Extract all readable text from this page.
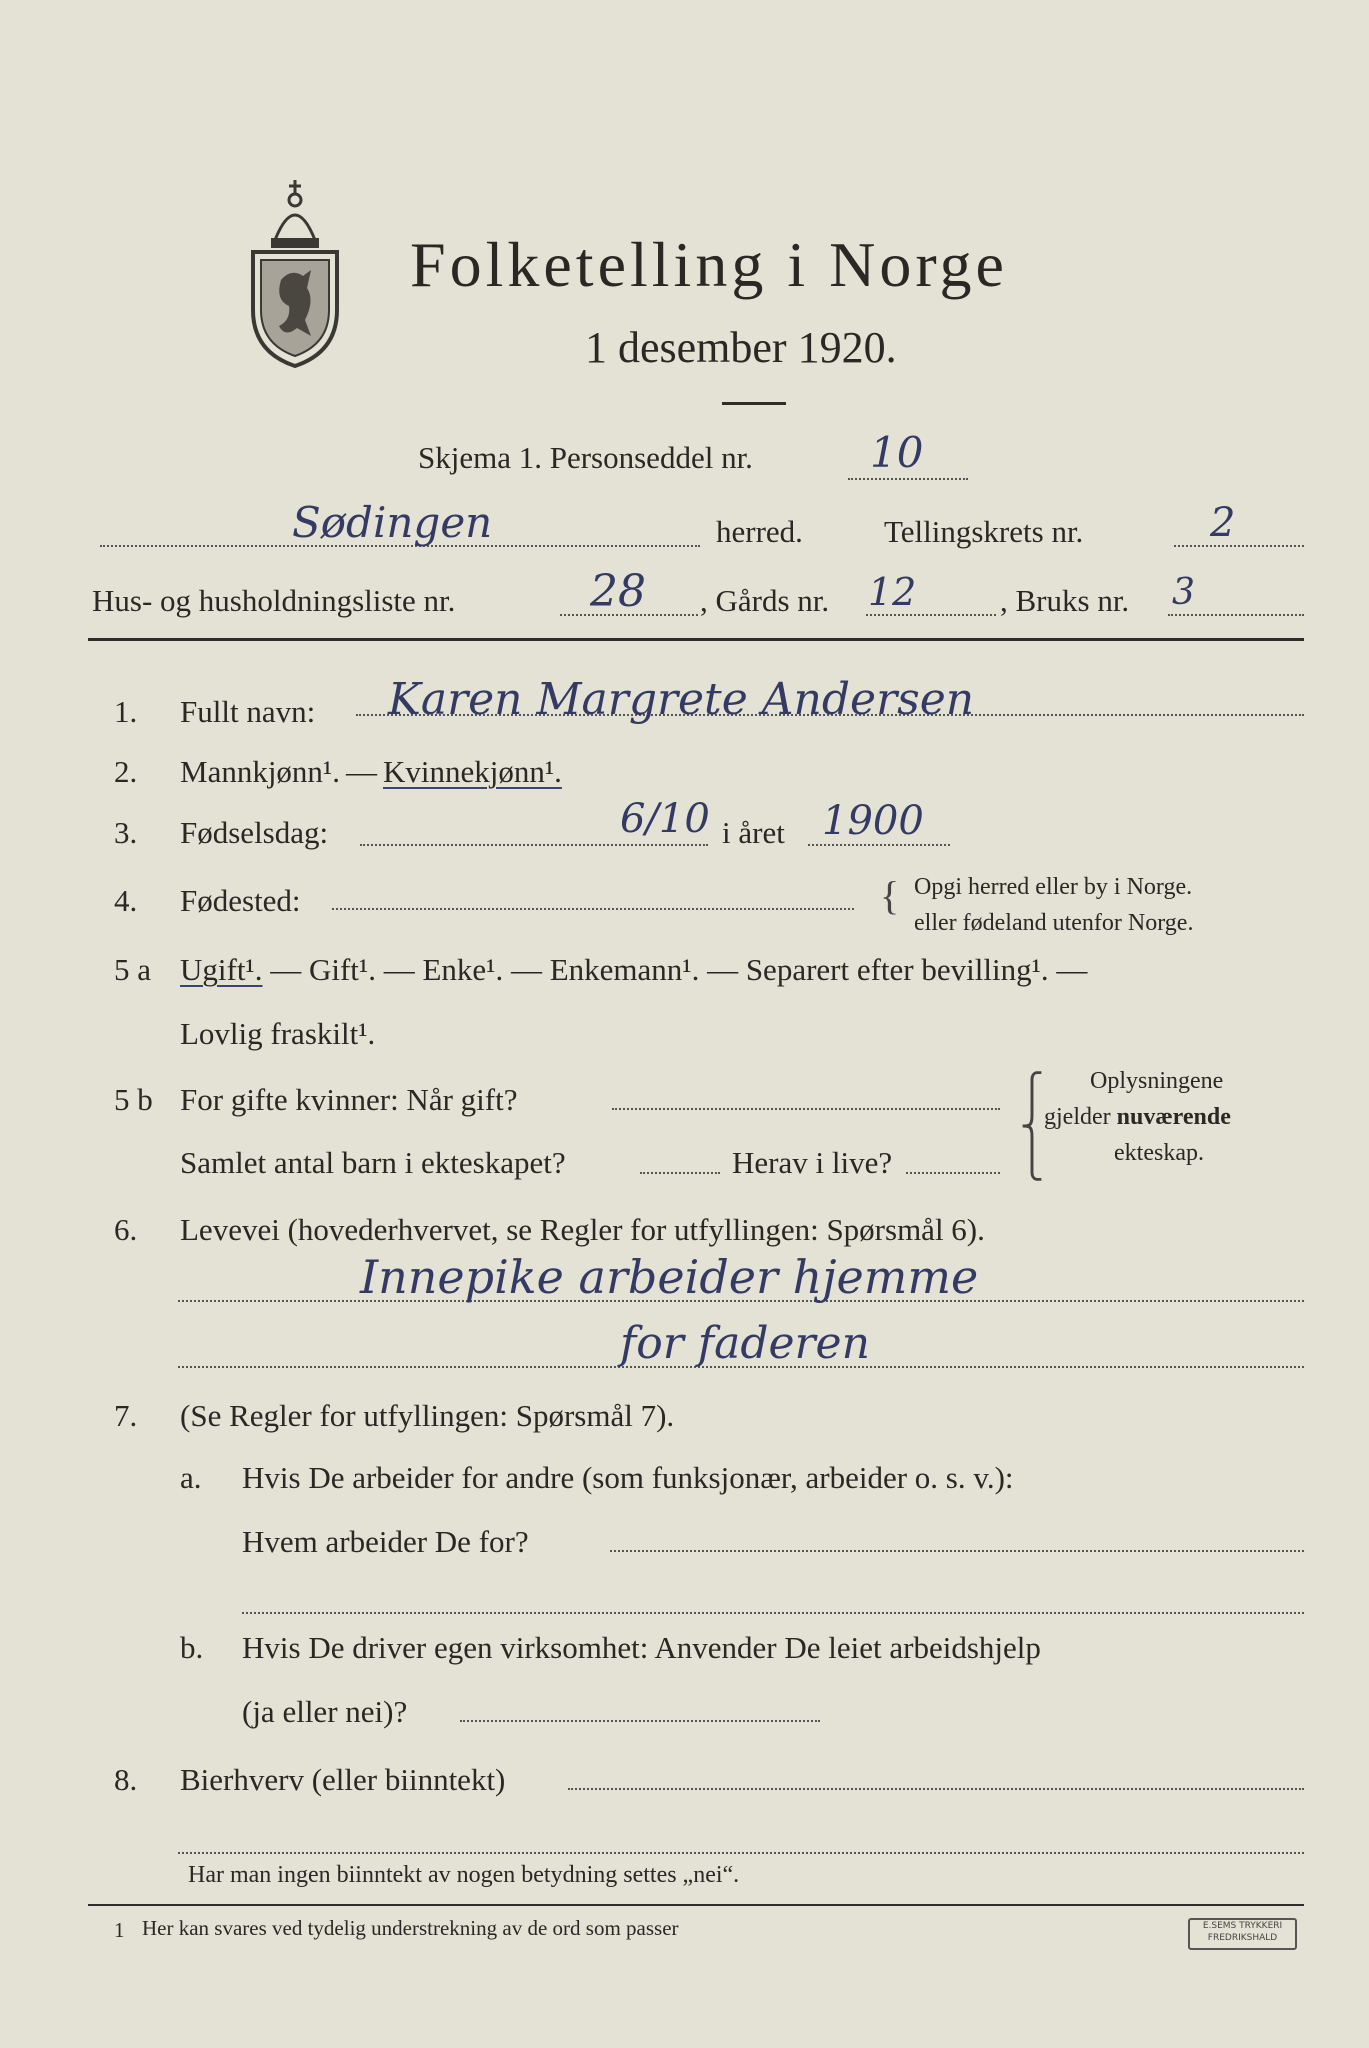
Folketelling i Norge
1 desember 1920.
Skjema 1. Personseddel nr.	10
Sødingen	herred.	Tellingskrets nr.	2
Hus- og husholdningsliste nr.	28 , Gårds nr. 12	, Bruks nr. 3
1. Fullt navn: Karen Margrete Andersen
2. Mannkjønn¹. — Kvinnekjønn¹.
3. Fødselsdag:	6/10 i året 1900
4. Fødested:	{ Opgi herred eller by i Norge.
eller fødeland utenfor Norge.
5 a Ugift¹. — Gift¹. — Enke¹. — Enkemann¹. — Separert efter bevilling¹. —
Lovlig fraskilt¹.
5 b For gifte kvinner: Når gift?
Samlet antal barn i ekteskapet?	Herav i live?
⎧
⎨
⎩
Oplysningene
gjelder nuværende
ekteskap.
6. Levevei (hovederhvervet, se Regler for utfyllingen: Spørsmål 6).
Innepike arbeider hjemme
for faderen
7. (Se Regler for utfyllingen: Spørsmål 7).
a. Hvis De arbeider for andre (som funksjonær, arbeider o. s. v.):
Hvem arbeider De for?
b. Hvis De driver egen virksomhet: Anvender De leiet arbeidshjelp
(ja eller nei)?
8. Bierhverv (eller biinntekt)
Har man ingen biinntekt av nogen betydning settes „nei“.
1 Her kan svares ved tydelig understrekning av de ord som passer	E.SEMS TRYKKERI
FREDRIKSHALD
